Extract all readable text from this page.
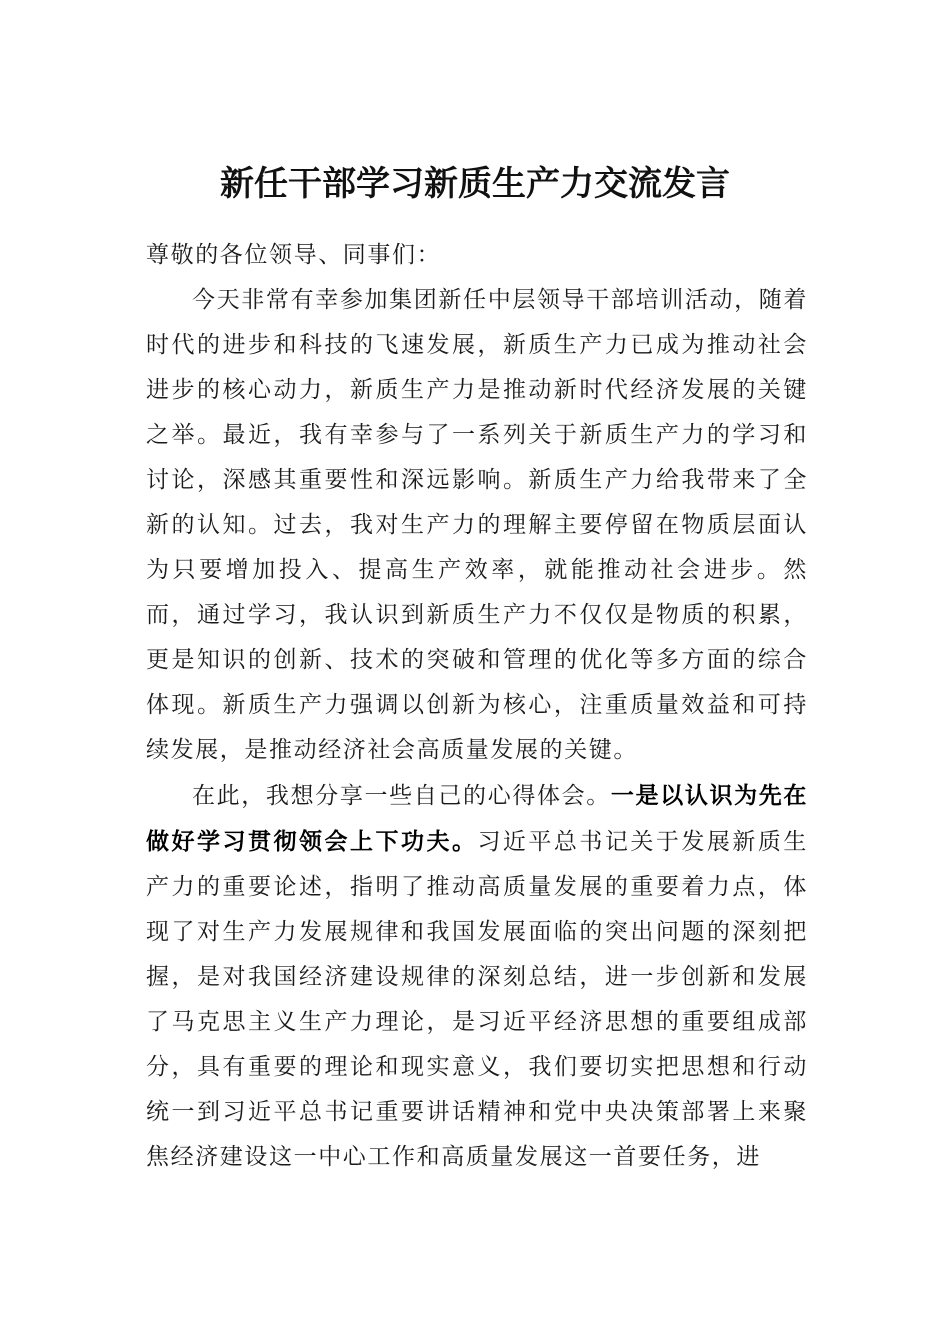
新任干部学习新质生产力交流发言

尊敬的各位领导、同事们：

今天非常有幸参加集团新任中层领导干部培训活动，随着时代的进步和科技的飞速发展，新质生产力已成为推动社会进步的核心动力，新质生产力是推动新时代经济发展的关键之举。最近，我有幸参与了一系列关于新质生产力的学习和讨论，深感其重要性和深远影响。新质生产力给我带来了全新的认知。过去，我对生产力的理解主要停留在物质层面认为只要增加投入、提高生产效率，就能推动社会进步。然而，通过学习，我认识到新质生产力不仅仅是物质的积累，更是知识的创新、技术的突破和管理的优化等多方面的综合体现。新质生产力强调以创新为核心，注重质量效益和可持续发展，是推动经济社会高质量发展的关键。

在此，我想分享一些自己的心得体会。一是以认识为先在做好学习贯彻领会上下功夫。习近平总书记关于发展新质生产力的重要论述，指明了推动高质量发展的重要着力点，体现了对生产力发展规律和我国发展面临的突出问题的深刻把握，是对我国经济建设规律的深刻总结，进一步创新和发展了马克思主义生产力理论，是习近平经济思想的重要组成部分，具有重要的理论和现实意义，我们要切实把思想和行动统一到习近平总书记重要讲话精神和党中央决策部署上来聚焦经济建设这一中心工作和高质量发展这一首要任务，进
